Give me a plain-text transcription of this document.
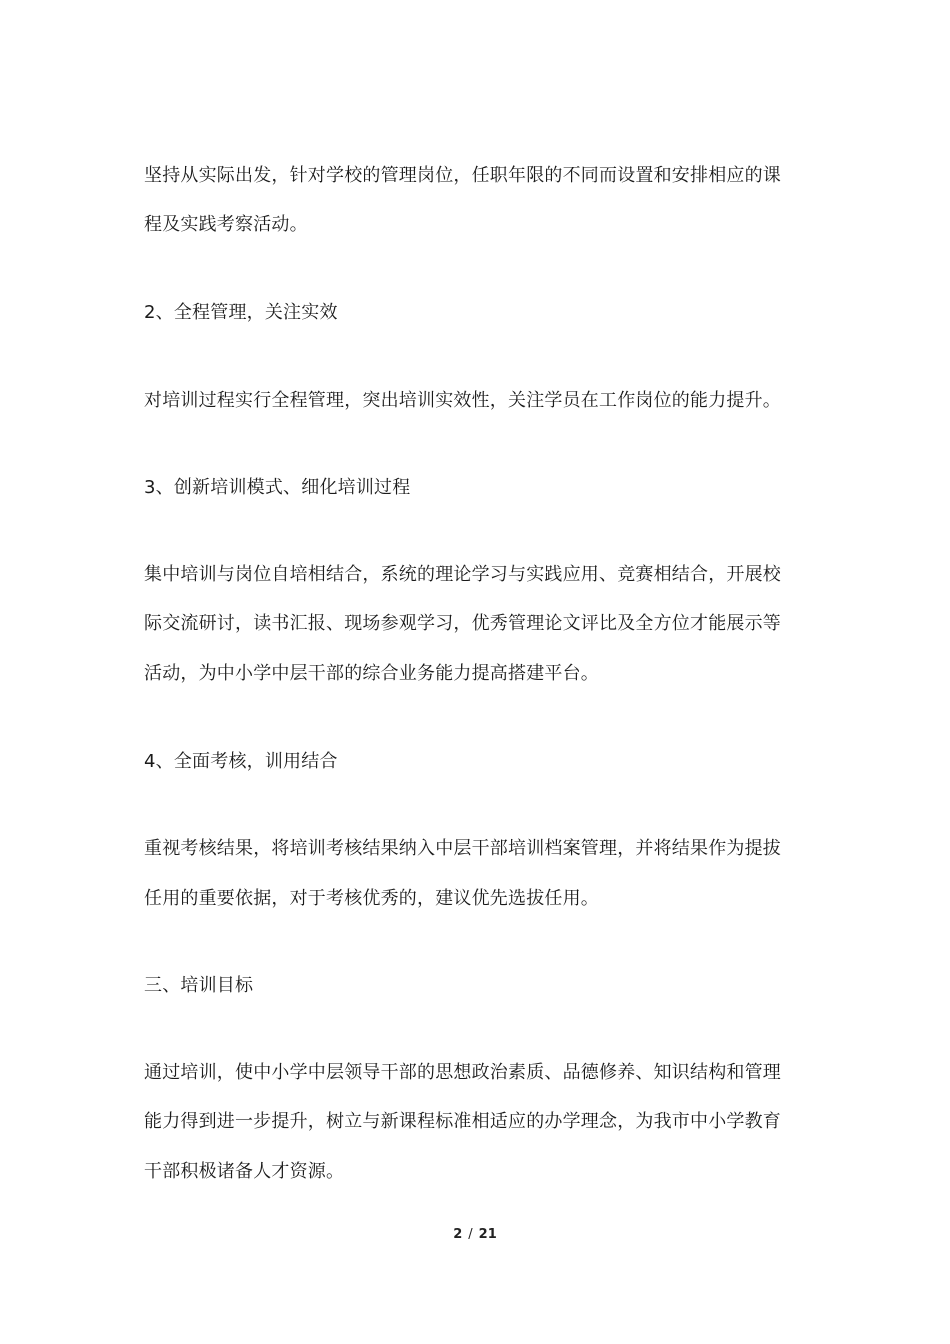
坚持从实际出发，针对学校的管理岗位，任职年限的不同而设置和安排相应的课
程及实践考察活动。
2、全程管理，关注实效
对培训过程实行全程管理，突出培训实效性，关注学员在工作岗位的能力提升。
3、创新培训模式、细化培训过程
集中培训与岗位自培相结合，系统的理论学习与实践应用、竞赛相结合，开展校
际交流研讨，读书汇报、现场参观学习，优秀管理论文评比及全方位才能展示等
活动，为中小学中层干部的综合业务能力提高搭建平台。
4、全面考核，训用结合
重视考核结果，将培训考核结果纳入中层干部培训档案管理，并将结果作为提拔
任用的重要依据，对于考核优秀的，建议优先选拔任用。
三、培训目标
通过培训，使中小学中层领导干部的思想政治素质、品德修养、知识结构和管理
能力得到进一步提升，树立与新课程标准相适应的办学理念，为我市中小学教育
干部积极诸备人才资源。
2 / 21
